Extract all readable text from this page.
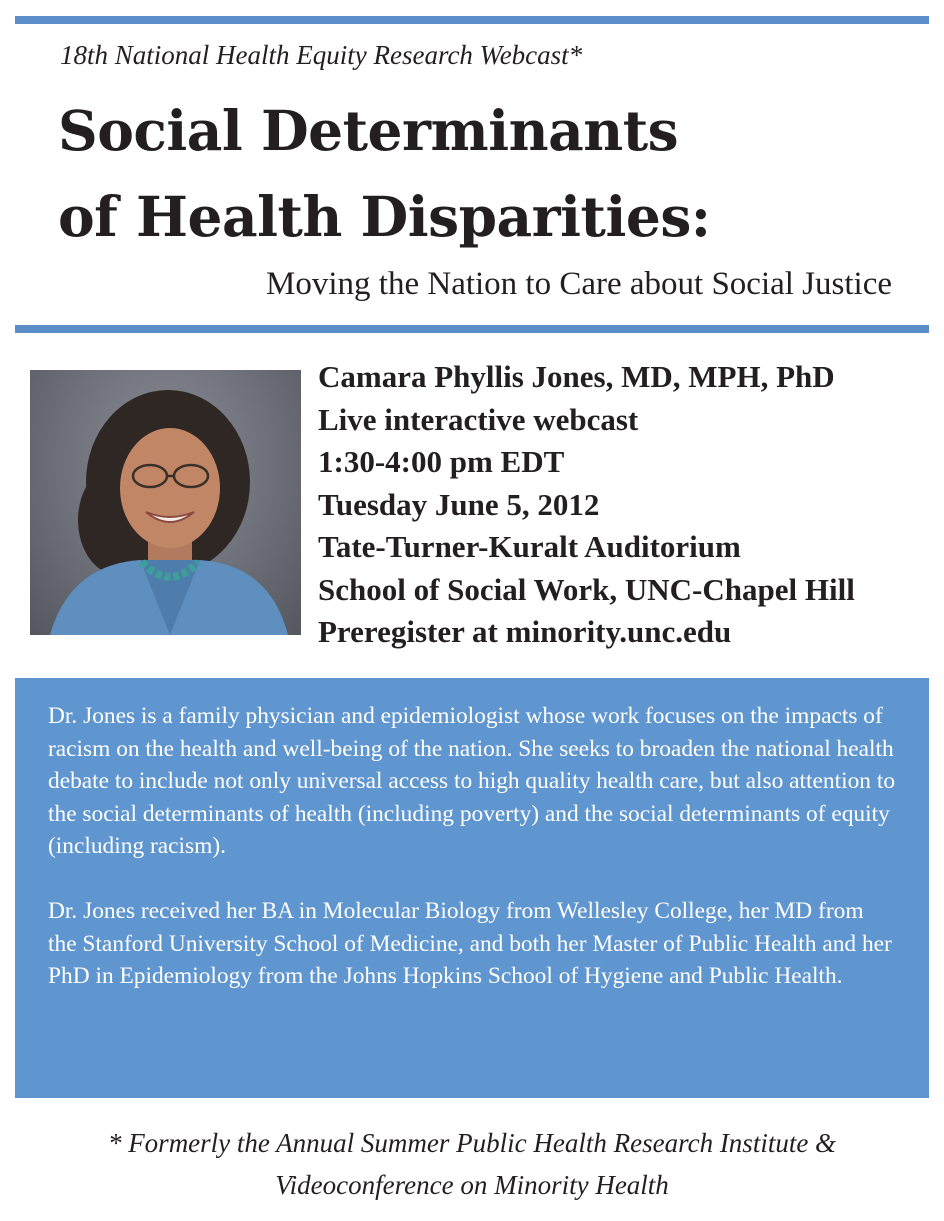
18th National Health Equity Research Webcast*
Social Determinants
of Health Disparities:
Moving the Nation to Care about Social Justice
Camara Phyllis Jones, MD, MPH, PhD
Live interactive webcast
1:30-4:00 pm EDT
Tuesday June 5, 2012
Tate-Turner-Kuralt Auditorium
School of Social Work, UNC-Chapel Hill
Preregister at minority.unc.edu

Dr. Jones is a family physician and epidemiologist whose work focuses on the impacts of racism on the health and well-being of the nation. She seeks to broaden the national health debate to include not only universal access to high quality health care, but also attention to the social determinants of health (including poverty) and the social determinants of equity (including racism).

Dr. Jones received her BA in Molecular Biology from Wellesley College, her MD from the Stanford University School of Medicine, and both her Master of Public Health and her PhD in Epidemiology from the Johns Hopkins School of Hygiene and Public Health.

* Formerly the Annual Summer Public Health Research Institute &
Videoconference on Minority Health
